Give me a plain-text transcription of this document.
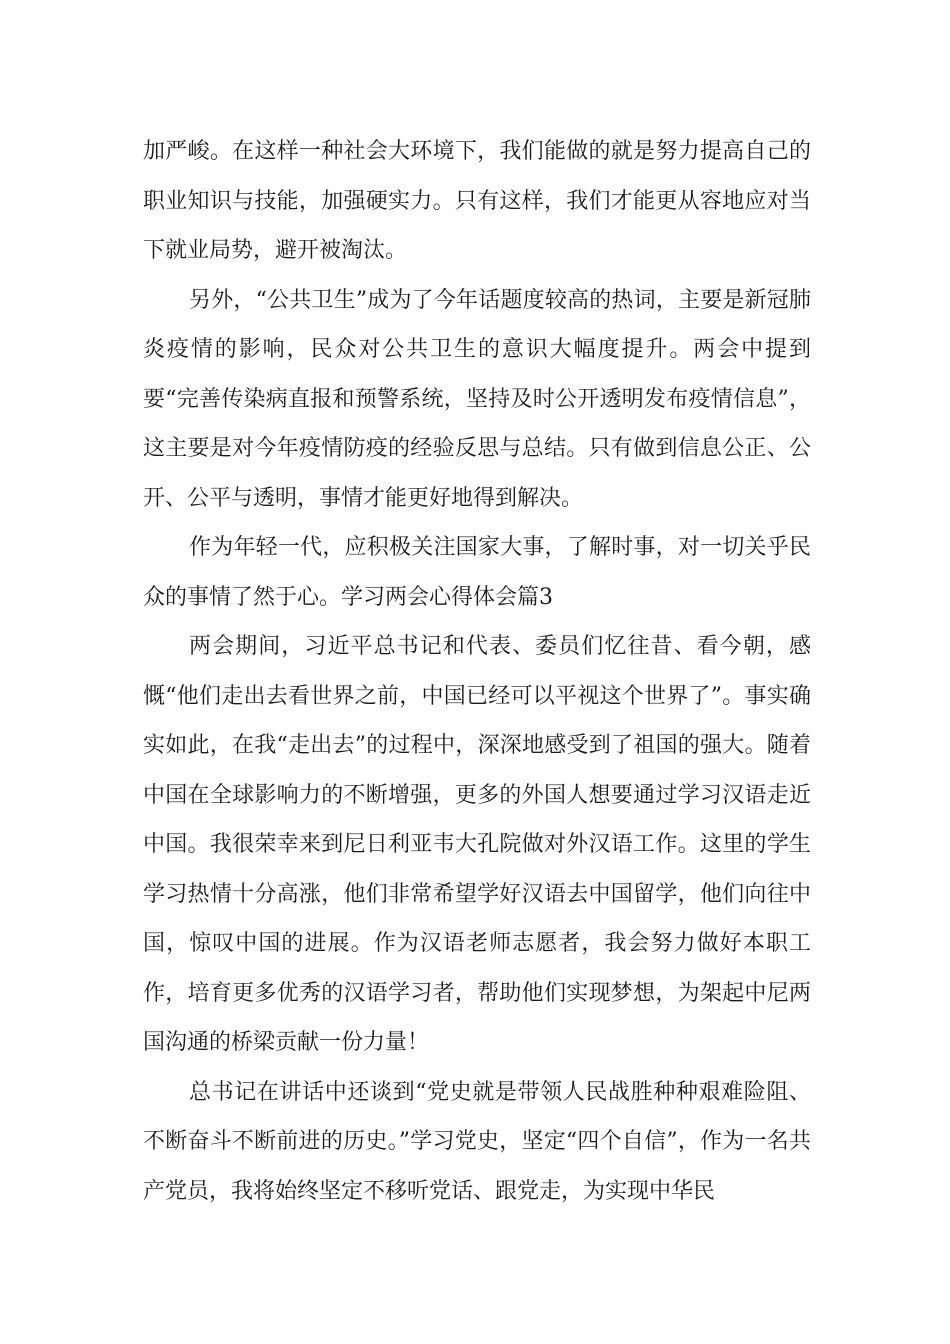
加严峻。在这样一种社会大环境下，我们能做的就是努力提高自己的职业知识与技能，加强硬实力。只有这样，我们才能更从容地应对当下就业局势，避开被淘汰。

另外，“公共卫生”成为了今年话题度较高的热词，主要是新冠肺炎疫情的影响，民众对公共卫生的意识大幅度提升。两会中提到要“完善传染病直报和预警系统，坚持及时公开透明发布疫情信息”，这主要是对今年疫情防疫的经验反思与总结。只有做到信息公正、公开、公平与透明，事情才能更好地得到解决。

作为年轻一代，应积极关注国家大事，了解时事，对一切关乎民众的事情了然于心。学习两会心得体会篇3

两会期间，习近平总书记和代表、委员们忆往昔、看今朝，感慨“他们走出去看世界之前，中国已经可以平视这个世界了”。事实确实如此，在我“走出去”的过程中，深深地感受到了祖国的强大。随着中国在全球影响力的不断增强，更多的外国人想要通过学习汉语走近中国。我很荣幸来到尼日利亚韦大孔院做对外汉语工作。这里的学生学习热情十分高涨，他们非常希望学好汉语去中国留学，他们向往中国，惊叹中国的进展。作为汉语老师志愿者，我会努力做好本职工作，培育更多优秀的汉语学习者，帮助他们实现梦想，为架起中尼两国沟通的桥梁贡献一份力量！

总书记在讲话中还谈到“党史就是带领人民战胜种种艰难险阻、不断奋斗不断前进的历史。”学习党史，坚定“四个自信”，作为一名共产党员，我将始终坚定不移听党话、跟党走，为实现中华民
